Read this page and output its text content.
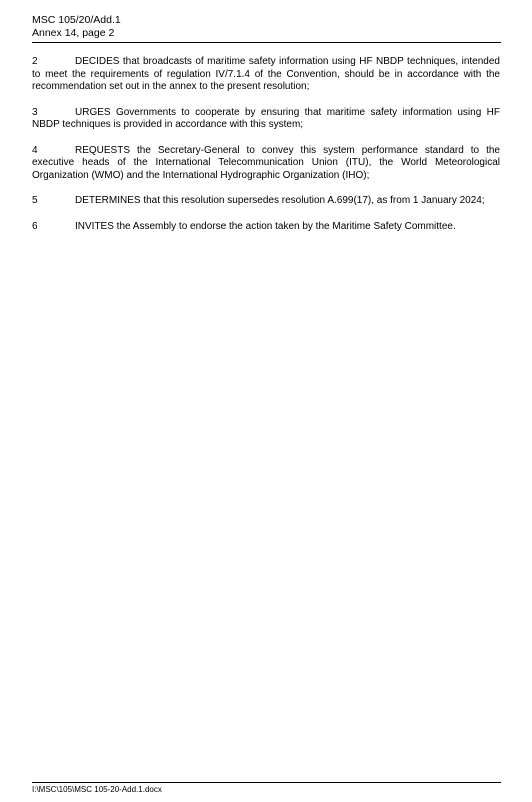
MSC 105/20/Add.1
Annex 14, page 2

2	DECIDES that broadcasts of maritime safety information using HF NBDP techniques, intended to meet the requirements of regulation IV/7.1.4 of the Convention, should be in accordance with the recommendation set out in the annex to the present resolution;

3	URGES Governments to cooperate by ensuring that maritime safety information using HF NBDP techniques is provided in accordance with this system;

4	REQUESTS the Secretary-General to convey this system performance standard to the executive heads of the International Telecommunication Union (ITU), the World Meteorological Organization (WMO) and the International Hydrographic Organization (IHO);

5	DETERMINES that this resolution supersedes resolution A.699(17), as from 1 January 2024;

6	INVITES the Assembly to endorse the action taken by the Maritime Safety Committee.

I:\MSC\105\MSC 105-20-Add.1.docx
